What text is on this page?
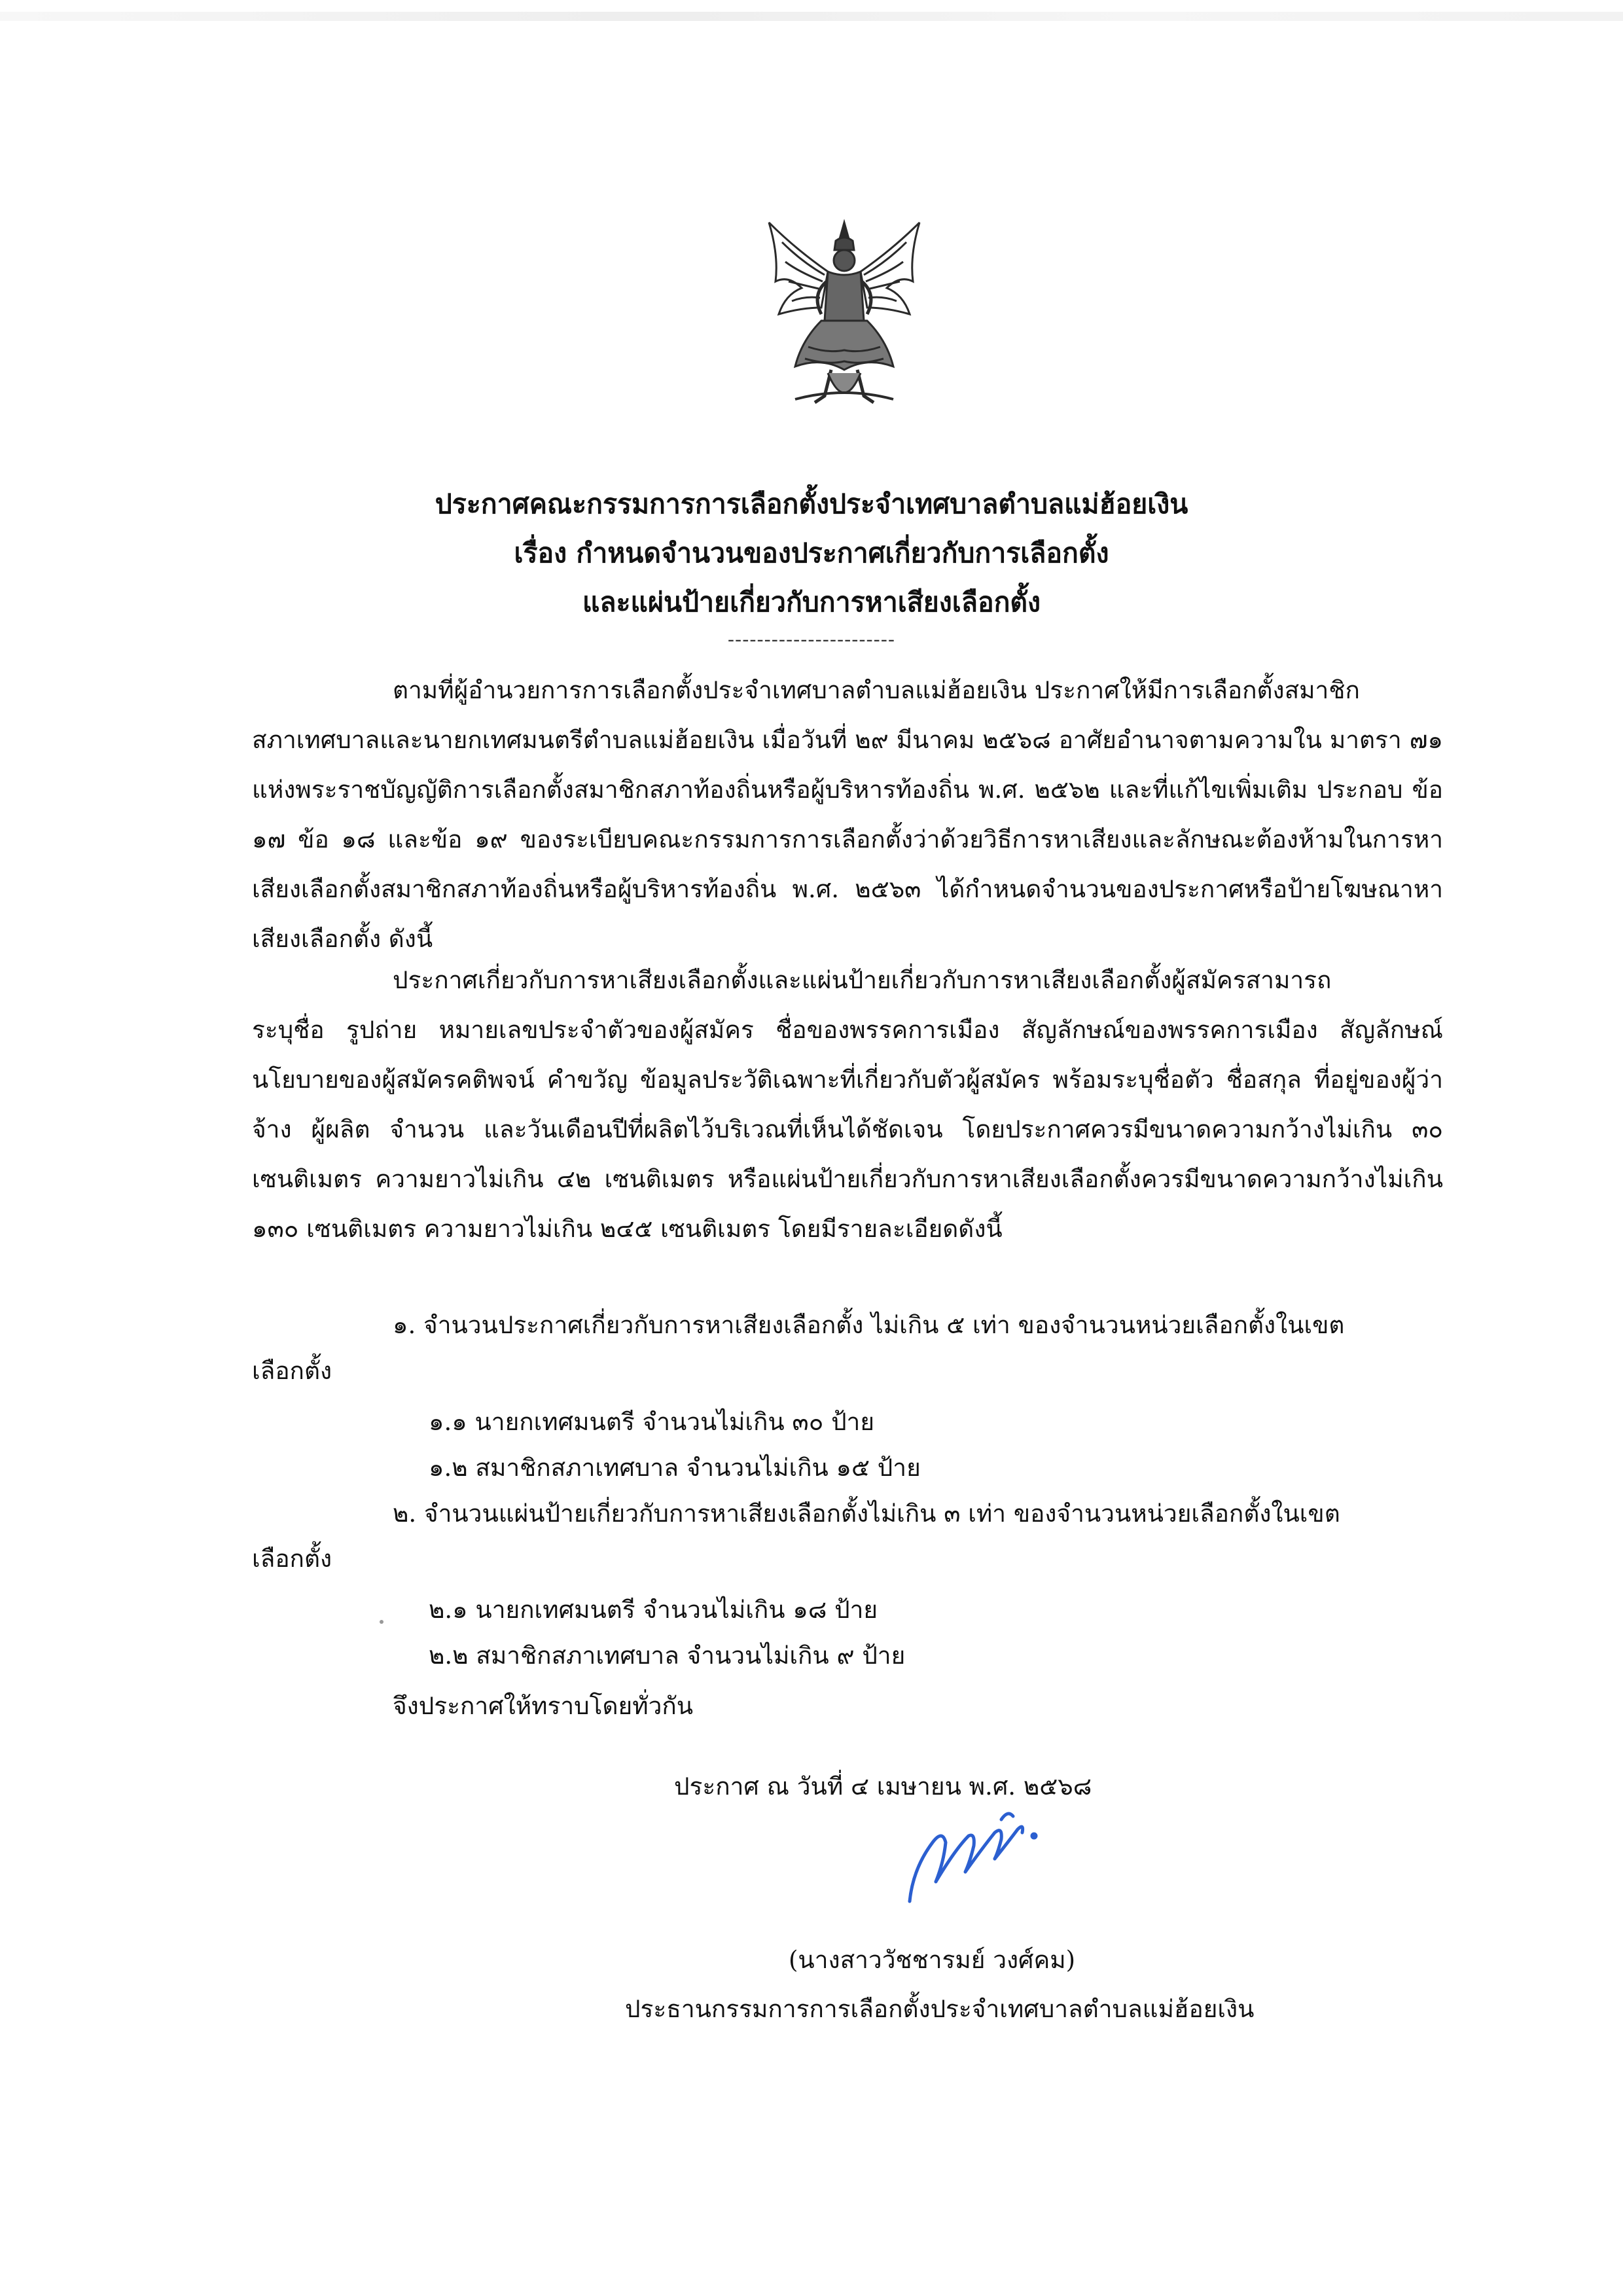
ประกาศคณะกรรมการการเลือกตั้งประจำเทศบาลตำบลแม่ฮ้อยเงิน
เรื่อง กำหนดจำนวนของประกาศเกี่ยวกับการเลือกตั้ง
และแผ่นป้ายเกี่ยวกับการหาเสียงเลือกตั้ง
-----------------------
ตามที่ผู้อำนวยการการเลือกตั้งประจำเทศบาลตำบลแม่ฮ้อยเงิน ประกาศให้มีการเลือกตั้งสมาชิก
สภาเทศบาลและนายกเทศมนตรีตำบลแม่ฮ้อยเงิน เมื่อวันที่ ๒๙ มีนาคม ๒๕๖๘ อาศัยอำนาจตามความใน มาตรา ๗๑ แห่งพระราชบัญญัติการเลือกตั้งสมาชิกสภาท้องถิ่นหรือผู้บริหารท้องถิ่น พ.ศ. ๒๕๖๒ และที่แก้ไขเพิ่มเติม ประกอบ ข้อ ๑๗ ข้อ ๑๘ และข้อ ๑๙ ของระเบียบคณะกรรมการการเลือกตั้งว่าด้วยวิธีการหาเสียงและลักษณะต้องห้ามในการหาเสียงเลือกตั้งสมาชิกสภาท้องถิ่นหรือผู้บริหารท้องถิ่น พ.ศ. ๒๕๖๓ ได้กำหนดจำนวนของประกาศหรือป้ายโฆษณาหาเสียงเลือกตั้ง ดังนี้
ประกาศเกี่ยวกับการหาเสียงเลือกตั้งและแผ่นป้ายเกี่ยวกับการหาเสียงเลือกตั้งผู้สมัครสามารถ
ระบุชื่อ รูปถ่าย หมายเลขประจำตัวของผู้สมัคร ชื่อของพรรคการเมือง สัญลักษณ์ของพรรคการเมือง สัญลักษณ์ นโยบายของผู้สมัครคติพจน์ คำขวัญ ข้อมูลประวัติเฉพาะที่เกี่ยวกับตัวผู้สมัคร พร้อมระบุชื่อตัว ชื่อสกุล ที่อยู่ของผู้ว่าจ้าง ผู้ผลิต จำนวน และวันเดือนปีที่ผลิตไว้บริเวณที่เห็นได้ชัดเจน โดยประกาศควรมีขนาดความกว้างไม่เกิน ๓๐ เซนติเมตร ความยาวไม่เกิน ๔๒ เซนติเมตร หรือแผ่นป้ายเกี่ยวกับการหาเสียงเลือกตั้งควรมีขนาดความกว้างไม่เกิน ๑๓๐ เซนติเมตร ความยาวไม่เกิน ๒๔๕ เซนติเมตร โดยมีรายละเอียดดังนี้
๑. จำนวนประกาศเกี่ยวกับการหาเสียงเลือกตั้ง ไม่เกิน ๕ เท่า ของจำนวนหน่วยเลือกตั้งในเขต
เลือกตั้ง
๑.๑ นายกเทศมนตรี จำนวนไม่เกิน ๓๐ ป้าย
๑.๒ สมาชิกสภาเทศบาล จำนวนไม่เกิน ๑๕ ป้าย
๒. จำนวนแผ่นป้ายเกี่ยวกับการหาเสียงเลือกตั้งไม่เกิน ๓ เท่า ของจำนวนหน่วยเลือกตั้งในเขต
เลือกตั้ง
๒.๑ นายกเทศมนตรี จำนวนไม่เกิน ๑๘ ป้าย
๒.๒ สมาชิกสภาเทศบาล จำนวนไม่เกิน ๙ ป้าย
จึงประกาศให้ทราบโดยทั่วกัน
ประกาศ ณ วันที่ ๔ เมษายน พ.ศ. ๒๕๖๘
(นางสาววัชชารมย์ วงศ์คม)
ประธานกรรมการการเลือกตั้งประจำเทศบาลตำบลแม่ฮ้อยเงิน
